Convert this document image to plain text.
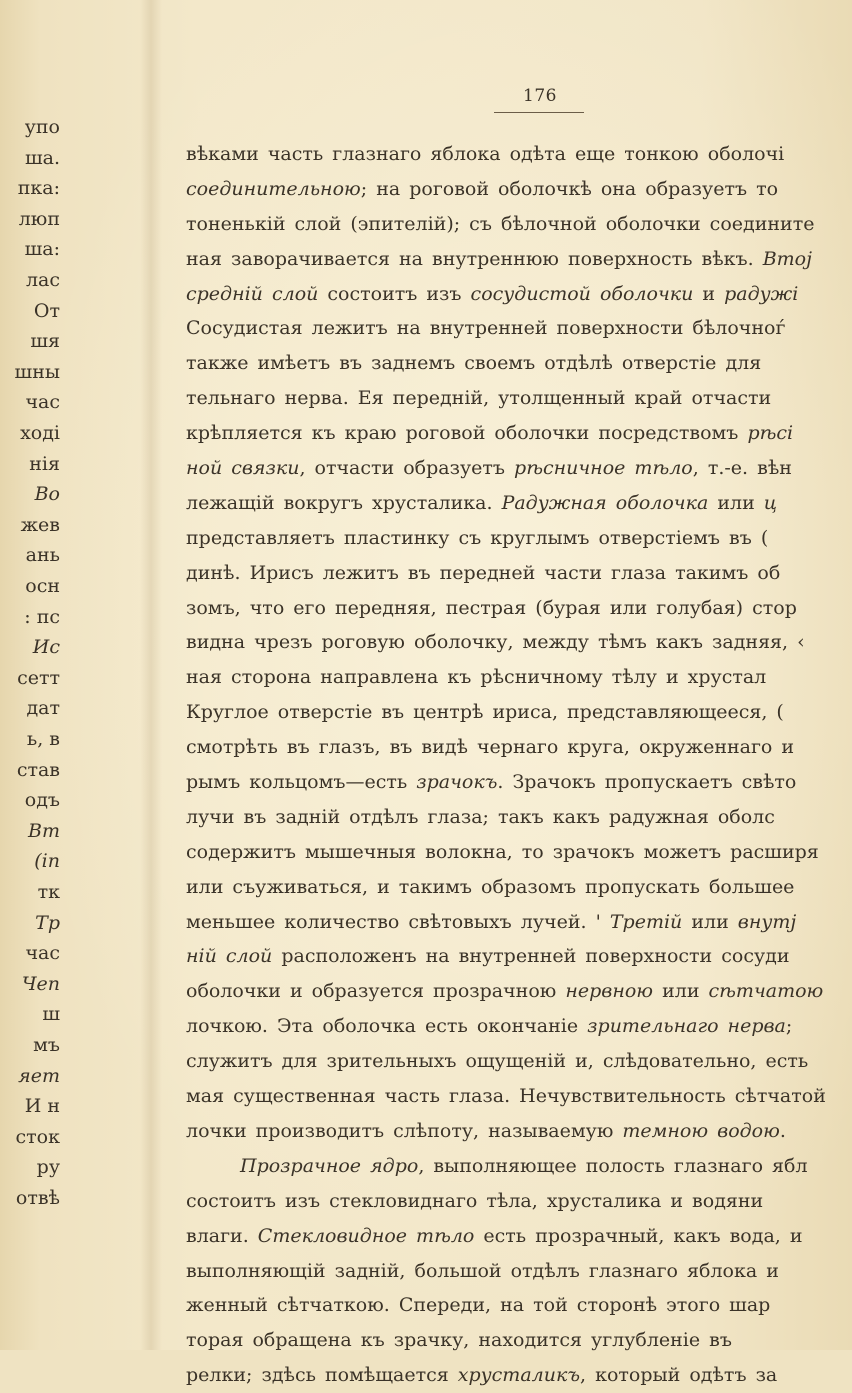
176
упо
ша.
пка:
люп
ша:
лас
От
шя
шны
час
ході
нія
Во
жев
ань
осн
: пс
Ис
сетт
дат
ь, в
став
одъ
Вт
(in
тк
Тр
час
Чеп
ш
мъ
яет
И н
сток
ру
отвѣ
вѣками часть глазнаго яблока одѣта еще тонкою оболочі
соединительною; на роговой оболочкѣ она образуетъ то
тоненькій слой (эпителій); съ бѣлочной оболочки соедините
ная заворачивается на внутреннюю поверхность вѣкъ. Втој
средній слой состоитъ изъ сосудистой оболочки и радужі
Сосудистая лежитъ на внутренней поверхности бѣлочноѓ
также имѣетъ въ заднемъ своемъ отдѣлѣ отверстіе для
тельнаго нерва. Ея передній, утолщенный край отчасти
крѣпляется къ краю роговой оболочки посредствомъ рѣсі
ной связки, отчасти образуетъ рѣсничное тѣло, т.-е. вѣн
лежащій вокругъ хрусталика. Радужная оболочка или ц
представляетъ пластинку съ круглымъ отверстіемъ въ (
динѣ. Ирисъ лежитъ въ передней части глаза такимъ об
зомъ, что его передняя, пестрая (бурая или голубая) стор
видна чрезъ роговую оболочку, между тѣмъ какъ задняя, ‹
ная сторона направлена къ рѣсничному тѣлу и хрустал
Круглое отверстіе въ центрѣ ириса, представляющееся, (
смотрѣть въ глазъ, въ видѣ чернаго круга, окруженнаго и
рымъ кольцомъ—есть зрачокъ. Зрачокъ пропускаетъ свѣто
лучи въ задній отдѣлъ глаза; такъ какъ радужная оболс
содержитъ мышечныя волокна, то зрачокъ можетъ расширя
или съуживаться, и такимъ образомъ пропускать большее
меньшее количество свѣтовыхъ лучей. ' Третій или внутј
ній слой расположенъ на внутренней поверхности сосуди
оболочки и образуется прозрачною нервною или сѣтчатою
лочкою. Эта оболочка есть окончаніе зрительнаго нерва;
служитъ для зрительныхъ ощущеній и, слѣдовательно, есть
мая существенная часть глаза. Нечувствительность сѣтчатой
лочки производитъ слѣпоту, называемую темною водою.
Прозрачное ядро, выполняющее полость глазнаго ябл
состоитъ изъ стекловиднаго тѣла, хрусталика и водяни
влаги. Стекловидное тѣло есть прозрачный, какъ вода, и
выполняющій задній, большой отдѣлъ глазнаго яблока и
женный сѣтчаткою. Спереди, на той сторонѣ этого шар
торая обращена къ зрачку, находится углубленіе въ
релки; здѣсь помѣщается хрусталикъ, который одѣтъ за
